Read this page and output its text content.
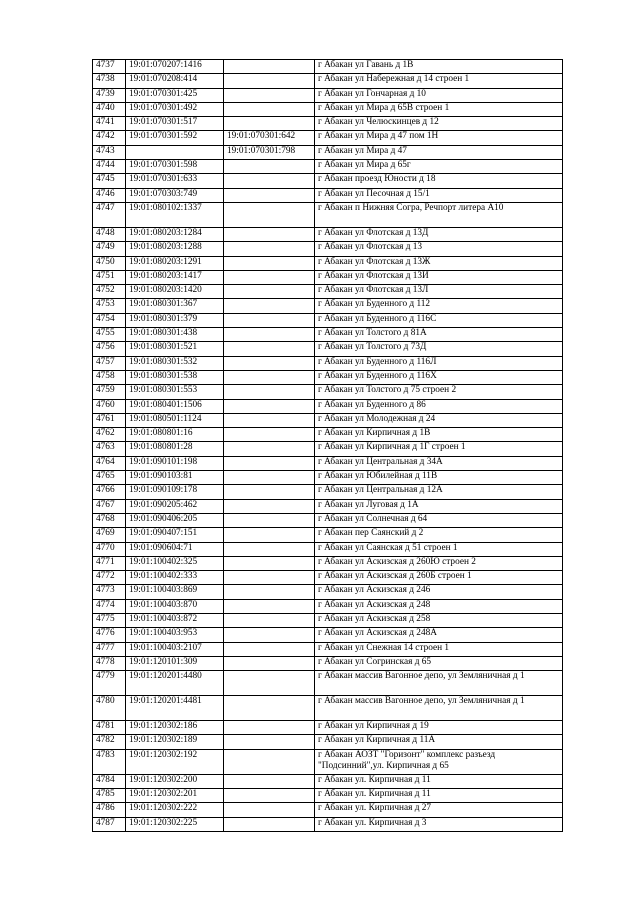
4737	19:01:070207:1416		г Абакан ул Гавань д 1В
4738	19:01:070208:414		г Абакан ул Набережная д 14 строен 1
4739	19:01:070301:425		г Абакан ул Гончарная д 10
4740	19:01:070301:492		г Абакан ул Мира д 65В строен 1
4741	19:01:070301:517		г Абакан ул Челюскинцев д 12
4742	19:01:070301:592	19:01:070301:642	г Абакан ул Мира д 47 пом 1Н
4743		19:01:070301:798	г Абакан ул Мира д 47
4744	19:01:070301:598		г Абакан ул Мира д 65г
4745	19:01:070301:633		г Абакан проезд Юности д 18
4746	19:01:070303:749		г Абакан ул Песочная д 15/1
4747	19:01:080102:1337		г Абакан п Нижняя Согра, Речпорт литера А10
4748	19:01:080203:1284		г Абакан ул Флотская д 13Д
4749	19:01:080203:1288		г Абакан ул Флотская д 13
4750	19:01:080203:1291		г Абакан ул Флотская д 13Ж
4751	19:01:080203:1417		г Абакан ул Флотская д 13И
4752	19:01:080203:1420		г Абакан ул Флотская д 13Л
4753	19:01:080301:367		г Абакан ул Буденного д 112
4754	19:01:080301:379		г Абакан ул Буденного д 116С
4755	19:01:080301:438		г Абакан ул Толстого д 81А
4756	19:01:080301:521		г Абакан ул Толстого д 73Д
4757	19:01:080301:532		г Абакан ул Буденного д 116Л
4758	19:01:080301:538		г Абакан ул Буденного д 116Х
4759	19:01:080301:553		г Абакан ул Толстого д 75 строен 2
4760	19:01:080401:1506		г Абакан ул Буденного д 86
4761	19:01:080501:1124		г Абакан ул Молодежная д 24
4762	19:01:080801:16		г Абакан ул Кирпичная д 1В
4763	19:01:080801:28		г Абакан ул Кирпичная д 1Г строен 1
4764	19:01:090101:198		г Абакан ул Центральная д 34А
4765	19:01:090103:81		г Абакан ул Юбилейная д 11В
4766	19:01:090109:178		г Абакан ул Центральная д 12А
4767	19:01:090205:462		г Абакан ул Луговая д 1А
4768	19:01:090406:205		г Абакан ул Солнечная д 64
4769	19:01:090407:151		г Абакан пер Саянский д 2
4770	19:01:090604:71		г Абакан ул Саянская д 51 строен 1
4771	19:01:100402:325		г Абакан ул Аскизская д 260Ю строен 2
4772	19:01:100402:333		г Абакан ул Аскизская д 260Б строен 1
4773	19:01:100403:869		г Абакан ул Аскизская д 246
4774	19:01:100403:870		г Абакан ул Аскизская д 248
4775	19:01:100403:872		г Абакан ул Аскизская д 258
4776	19:01:100403:953		г Абакан ул Аскизская д 248А
4777	19:01:100403:2107		г Абакан ул Снежная 14 строен 1
4778	19:01:120101:309		г Абакан ул Согринская д 65
4779	19:01:120201:4480		г Абакан массив Вагонное депо, ул Земляничная д 1
4780	19:01:120201:4481		г Абакан массив Вагонное депо, ул Земляничная д 1
4781	19:01:120302:186		г Абакан ул Кирпичная д 19
4782	19:01:120302:189		г Абакан ул Кирпичная д 11А
4783	19:01:120302:192		г Абакан АОЗТ "Горизонт" комплекс разъезд "Подсинний",ул. Кирпичная д 65
4784	19:01:120302:200		г Абакан ул. Кирпичная д 11
4785	19:01:120302:201		г Абакан ул. Кирпичная д 11
4786	19:01:120302:222		г Абакан ул. Кирпичная д 27
4787	19:01:120302:225		г Абакан ул. Кирпичная д 3
